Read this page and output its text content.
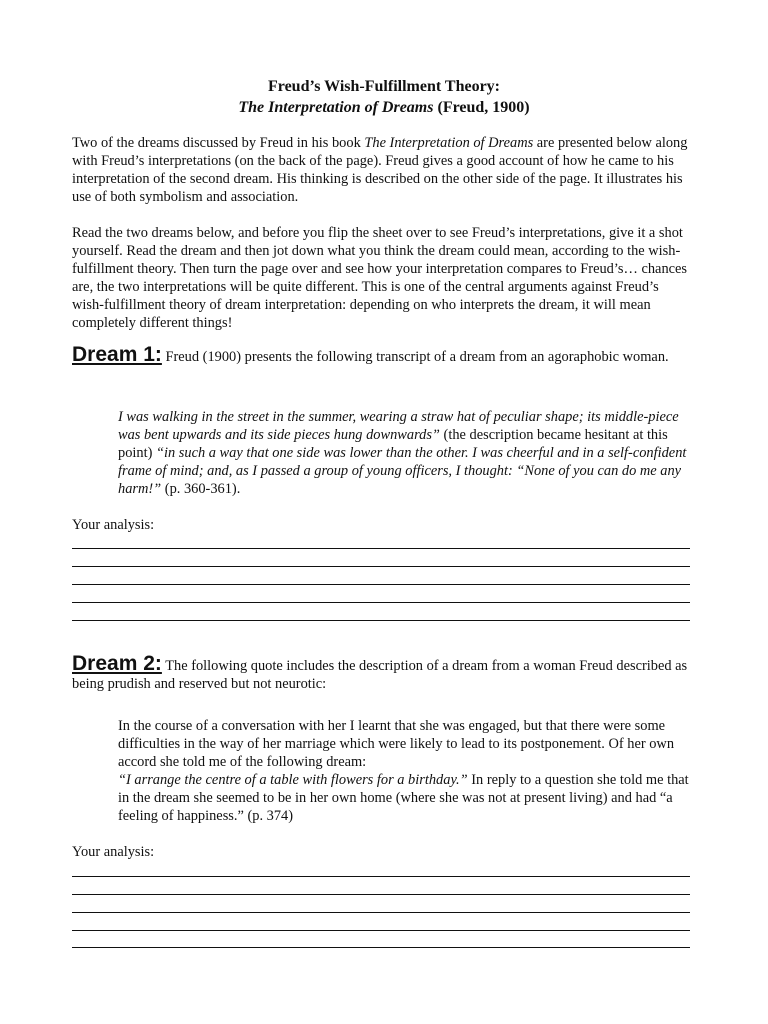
Freud’s Wish-Fulfillment Theory:
The Interpretation of Dreams (Freud, 1900)
Two of the dreams discussed by Freud in his book The Interpretation of Dreams are presented below along with Freud’s interpretations (on the back of the page). Freud gives a good account of how he came to his interpretation of the second dream. His thinking is described on the other side of the page. It illustrates his use of both symbolism and association.
Read the two dreams below, and before you flip the sheet over to see Freud’s interpretations, give it a shot yourself. Read the dream and then jot down what you think the dream could mean, according to the wish-fulfillment theory. Then turn the page over and see how your interpretation compares to Freud’s… chances are, the two interpretations will be quite different. This is one of the central arguments against Freud’s wish-fulfillment theory of dream interpretation: depending on who interprets the dream, it will mean completely different things!
Dream 1: Freud (1900) presents the following transcript of a dream from an agoraphobic woman.
I was walking in the street in the summer, wearing a straw hat of peculiar shape; its middle-piece was bent upwards and its side pieces hung downwards” (the description became hesitant at this point) “in such a way that one side was lower than the other. I was cheerful and in a self-confident frame of mind; and, as I passed a group of young officers, I thought: “None of you can do me any harm!” (p. 360-361).
Your analysis:
Dream 2: The following quote includes the description of a dream from a woman Freud described as being prudish and reserved but not neurotic:
In the course of a conversation with her I learnt that she was engaged, but that there were some difficulties in the way of her marriage which were likely to lead to its postponement. Of her own accord she told me of the following dream:
“I arrange the centre of a table with flowers for a birthday.” In reply to a question she told me that in the dream she seemed to be in her own home (where she was not at present living) and had “a feeling of happiness.” (p. 374)
Your analysis:
